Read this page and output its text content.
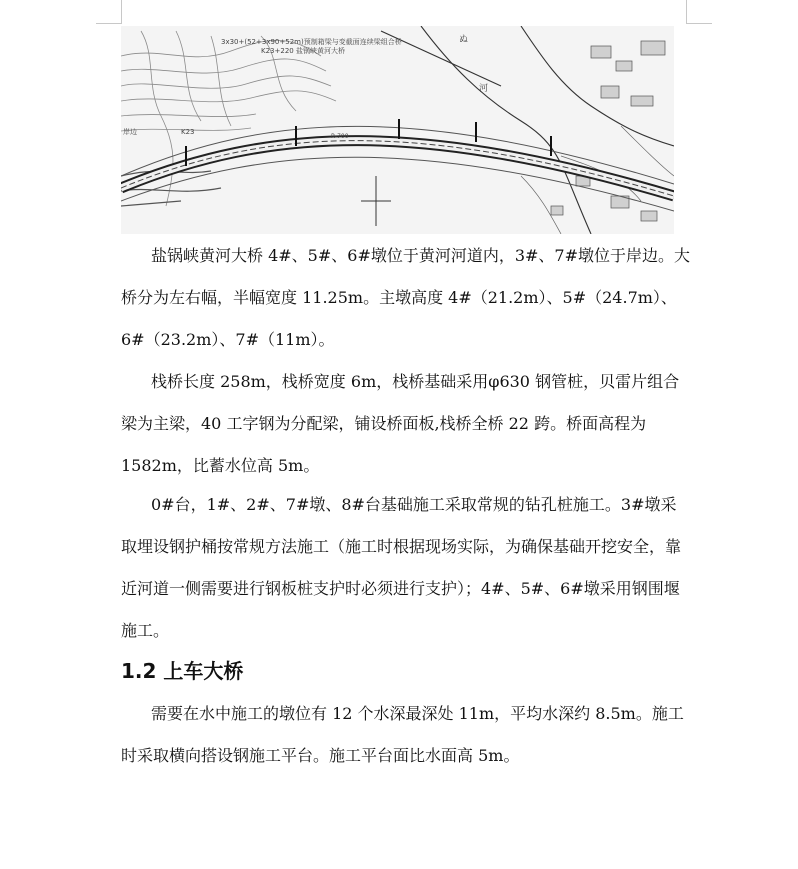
3x30+(52+3x90+52m)预制箱梁与变截面连续梁组合桥
K23+220 盐锅峡黄河大桥
河
ぬ
K23
R-700
岸边

盐锅峡黄河大桥 4#、5#、6#墩位于黄河河道内，3#、7#墩位于岸边。大桥分为左右幅，半幅宽度 11.25m。主墩高度 4#（21.2m）、5#（24.7m）、6#（23.2m）、7#（11m）。

栈桥长度 258m，栈桥宽度 6m，栈桥基础采用φ630 钢管桩，贝雷片组合梁为主梁，40 工字钢为分配梁，铺设桥面板,栈桥全桥 22 跨。桥面高程为 1582m，比蓄水位高 5m。

0#台，1#、2#、7#墩、8#台基础施工采取常规的钻孔桩施工。3#墩采取埋设钢护桶按常规方法施工（施工时根据现场实际，为确保基础开挖安全，靠近河道一侧需要进行钢板桩支护时必须进行支护）；4#、5#、6#墩采用钢围堰施工。

1.2 上车大桥

需要在水中施工的墩位有 12 个水深最深处 11m，平均水深约 8.5m。施工时采取横向搭设钢施工平台。施工平台面比水面高 5m。
